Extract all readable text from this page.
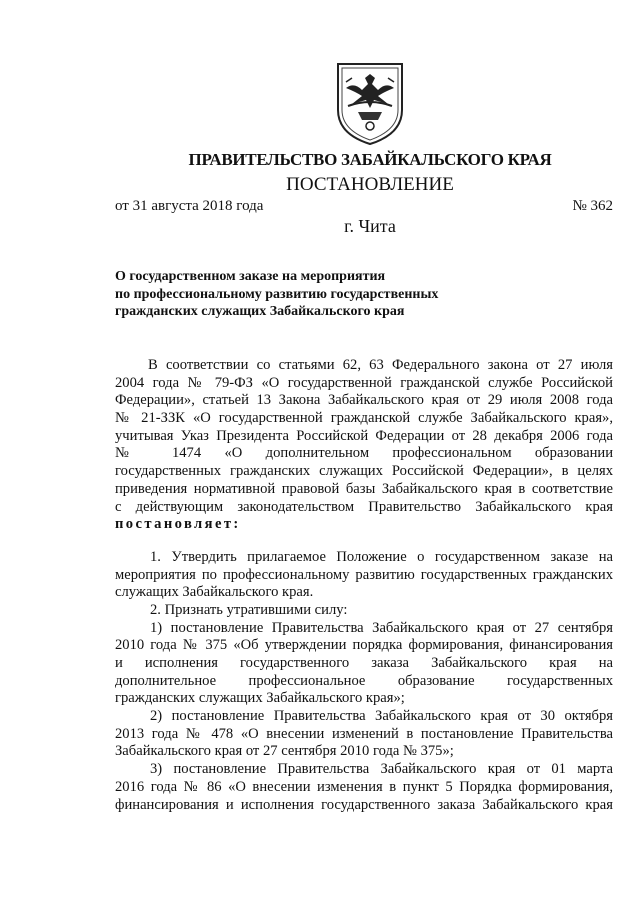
ПРАВИТЕЛЬСТВО ЗАБАЙКАЛЬСКОГО КРАЯ
ПОСТАНОВЛЕНИЕ
от 31 августа 2018 года	№ 362
г. Чита
О государственном заказе на мероприятия
по профессиональному развитию государственных
гражданских служащих Забайкальского края
В соответствии со статьями 62, 63 Федерального закона от 27 июля
2004 года № 79-ФЗ «О государственной гражданской службе Российской
Федерации», статьей 13 Закона Забайкальского края от 29 июля 2008 года
№ 21-ЗЗК «О государственной гражданской службе Забайкальского края»,
учитывая Указ Президента Российской Федерации от 28 декабря 2006 года
№ 1474 «О дополнительном профессиональном образовании
государственных гражданских служащих Российской Федерации», в целях
приведения нормативной правовой базы Забайкальского края в соответствие
с действующим законодательством Правительство Забайкальского края
постановляет:
1. Утвердить прилагаемое Положение о государственном заказе на
мероприятия по профессиональному развитию государственных гражданских
служащих Забайкальского края.
2. Признать утратившими силу:
1) постановление Правительства Забайкальского края от 27 сентября
2010 года № 375 «Об утверждении порядка формирования, финансирования
и исполнения государственного заказа Забайкальского края на
дополнительное профессиональное образование государственных
гражданских служащих Забайкальского края»;
2) постановление Правительства Забайкальского края от 30 октября
2013 года № 478 «О внесении изменений в постановление Правительства
Забайкальского края от 27 сентября 2010 года № 375»;
3) постановление Правительства Забайкальского края от 01 марта
2016 года № 86 «О внесении изменения в пункт 5 Порядка формирования,
финансирования и исполнения государственного заказа Забайкальского края
